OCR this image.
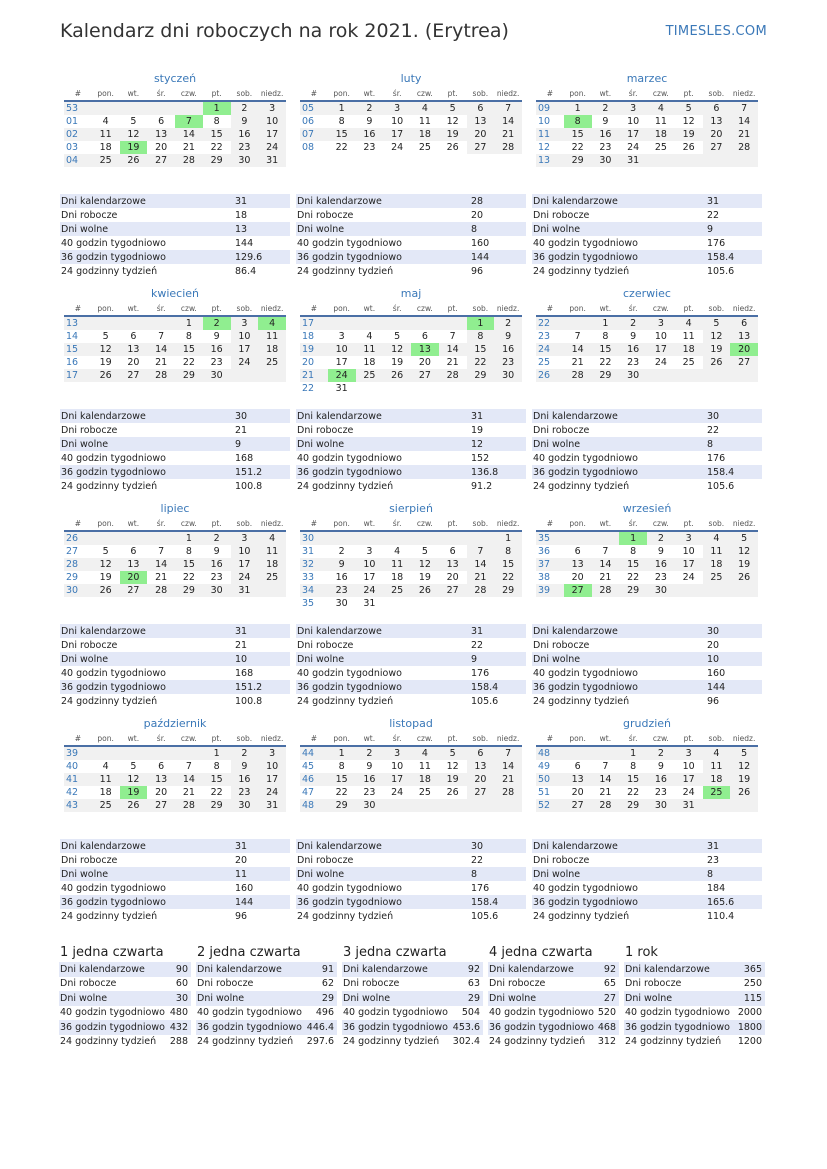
Kalendarz dni roboczych na rok 2021. (Erytrea)	TIMESLES.COM
styczeń
#	pon.	wt.	śr.	czw.	pt.	sob.	niedz.
53					1	2	3
01	4	5	6	7	8	9	10
02	11	12	13	14	15	16	17
03	18	19	20	21	22	23	24
04	25	26	27	28	29	30	31
Dni kalendarzowe	31
Dni robocze	18
Dni wolne	13
40 godzin tygodniowo	144
36 godzin tygodniowo	129.6
24 godzinny tydzień	86.4
luty
#	pon.	wt.	śr.	czw.	pt.	sob.	niedz.
05	1	2	3	4	5	6	7
06	8	9	10	11	12	13	14
07	15	16	17	18	19	20	21
08	22	23	24	25	26	27	28
Dni kalendarzowe	28
Dni robocze	20
Dni wolne	8
40 godzin tygodniowo	160
36 godzin tygodniowo	144
24 godzinny tydzień	96
marzec
#	pon.	wt.	śr.	czw.	pt.	sob.	niedz.
09	1	2	3	4	5	6	7
10	8	9	10	11	12	13	14
11	15	16	17	18	19	20	21
12	22	23	24	25	26	27	28
13	29	30	31				
Dni kalendarzowe	31
Dni robocze	22
Dni wolne	9
40 godzin tygodniowo	176
36 godzin tygodniowo	158.4
24 godzinny tydzień	105.6
kwiecień
#	pon.	wt.	śr.	czw.	pt.	sob.	niedz.
13				1	2	3	4
14	5	6	7	8	9	10	11
15	12	13	14	15	16	17	18
16	19	20	21	22	23	24	25
17	26	27	28	29	30		
Dni kalendarzowe	30
Dni robocze	21
Dni wolne	9
40 godzin tygodniowo	168
36 godzin tygodniowo	151.2
24 godzinny tydzień	100.8
maj
#	pon.	wt.	śr.	czw.	pt.	sob.	niedz.
17						1	2
18	3	4	5	6	7	8	9
19	10	11	12	13	14	15	16
20	17	18	19	20	21	22	23
21	24	25	26	27	28	29	30
22	31						
Dni kalendarzowe	31
Dni robocze	19
Dni wolne	12
40 godzin tygodniowo	152
36 godzin tygodniowo	136.8
24 godzinny tydzień	91.2
czerwiec
#	pon.	wt.	śr.	czw.	pt.	sob.	niedz.
22		1	2	3	4	5	6
23	7	8	9	10	11	12	13
24	14	15	16	17	18	19	20
25	21	22	23	24	25	26	27
26	28	29	30				
Dni kalendarzowe	30
Dni robocze	22
Dni wolne	8
40 godzin tygodniowo	176
36 godzin tygodniowo	158.4
24 godzinny tydzień	105.6
lipiec
#	pon.	wt.	śr.	czw.	pt.	sob.	niedz.
26				1	2	3	4
27	5	6	7	8	9	10	11
28	12	13	14	15	16	17	18
29	19	20	21	22	23	24	25
30	26	27	28	29	30	31	
Dni kalendarzowe	31
Dni robocze	21
Dni wolne	10
40 godzin tygodniowo	168
36 godzin tygodniowo	151.2
24 godzinny tydzień	100.8
sierpień
#	pon.	wt.	śr.	czw.	pt.	sob.	niedz.
30							1
31	2	3	4	5	6	7	8
32	9	10	11	12	13	14	15
33	16	17	18	19	20	21	22
34	23	24	25	26	27	28	29
35	30	31					
Dni kalendarzowe	31
Dni robocze	22
Dni wolne	9
40 godzin tygodniowo	176
36 godzin tygodniowo	158.4
24 godzinny tydzień	105.6
wrzesień
#	pon.	wt.	śr.	czw.	pt.	sob.	niedz.
35			1	2	3	4	5
36	6	7	8	9	10	11	12
37	13	14	15	16	17	18	19
38	20	21	22	23	24	25	26
39	27	28	29	30			
Dni kalendarzowe	30
Dni robocze	20
Dni wolne	10
40 godzin tygodniowo	160
36 godzin tygodniowo	144
24 godzinny tydzień	96
październik
#	pon.	wt.	śr.	czw.	pt.	sob.	niedz.
39					1	2	3
40	4	5	6	7	8	9	10
41	11	12	13	14	15	16	17
42	18	19	20	21	22	23	24
43	25	26	27	28	29	30	31
Dni kalendarzowe	31
Dni robocze	20
Dni wolne	11
40 godzin tygodniowo	160
36 godzin tygodniowo	144
24 godzinny tydzień	96
listopad
#	pon.	wt.	śr.	czw.	pt.	sob.	niedz.
44	1	2	3	4	5	6	7
45	8	9	10	11	12	13	14
46	15	16	17	18	19	20	21
47	22	23	24	25	26	27	28
48	29	30					
Dni kalendarzowe	30
Dni robocze	22
Dni wolne	8
40 godzin tygodniowo	176
36 godzin tygodniowo	158.4
24 godzinny tydzień	105.6
grudzień
#	pon.	wt.	śr.	czw.	pt.	sob.	niedz.
48			1	2	3	4	5
49	6	7	8	9	10	11	12
50	13	14	15	16	17	18	19
51	20	21	22	23	24	25	26
52	27	28	29	30	31		
Dni kalendarzowe	31
Dni robocze	23
Dni wolne	8
40 godzin tygodniowo	184
36 godzin tygodniowo	165.6
24 godzinny tydzień	110.4
1 jedna czwarta
Dni kalendarzowe	90
Dni robocze	60
Dni wolne	30
40 godzin tygodniowo	480
36 godzin tygodniowo	432
24 godzinny tydzień	288
2 jedna czwarta
Dni kalendarzowe	91
Dni robocze	62
Dni wolne	29
40 godzin tygodniowo	496
36 godzin tygodniowo	446.4
24 godzinny tydzień	297.6
3 jedna czwarta
Dni kalendarzowe	92
Dni robocze	63
Dni wolne	29
40 godzin tygodniowo	504
36 godzin tygodniowo	453.6
24 godzinny tydzień	302.4
4 jedna czwarta
Dni kalendarzowe	92
Dni robocze	65
Dni wolne	27
40 godzin tygodniowo	520
36 godzin tygodniowo	468
24 godzinny tydzień	312
1 rok
Dni kalendarzowe	365
Dni robocze	250
Dni wolne	115
40 godzin tygodniowo	2000
36 godzin tygodniowo	1800
24 godzinny tydzień	1200
